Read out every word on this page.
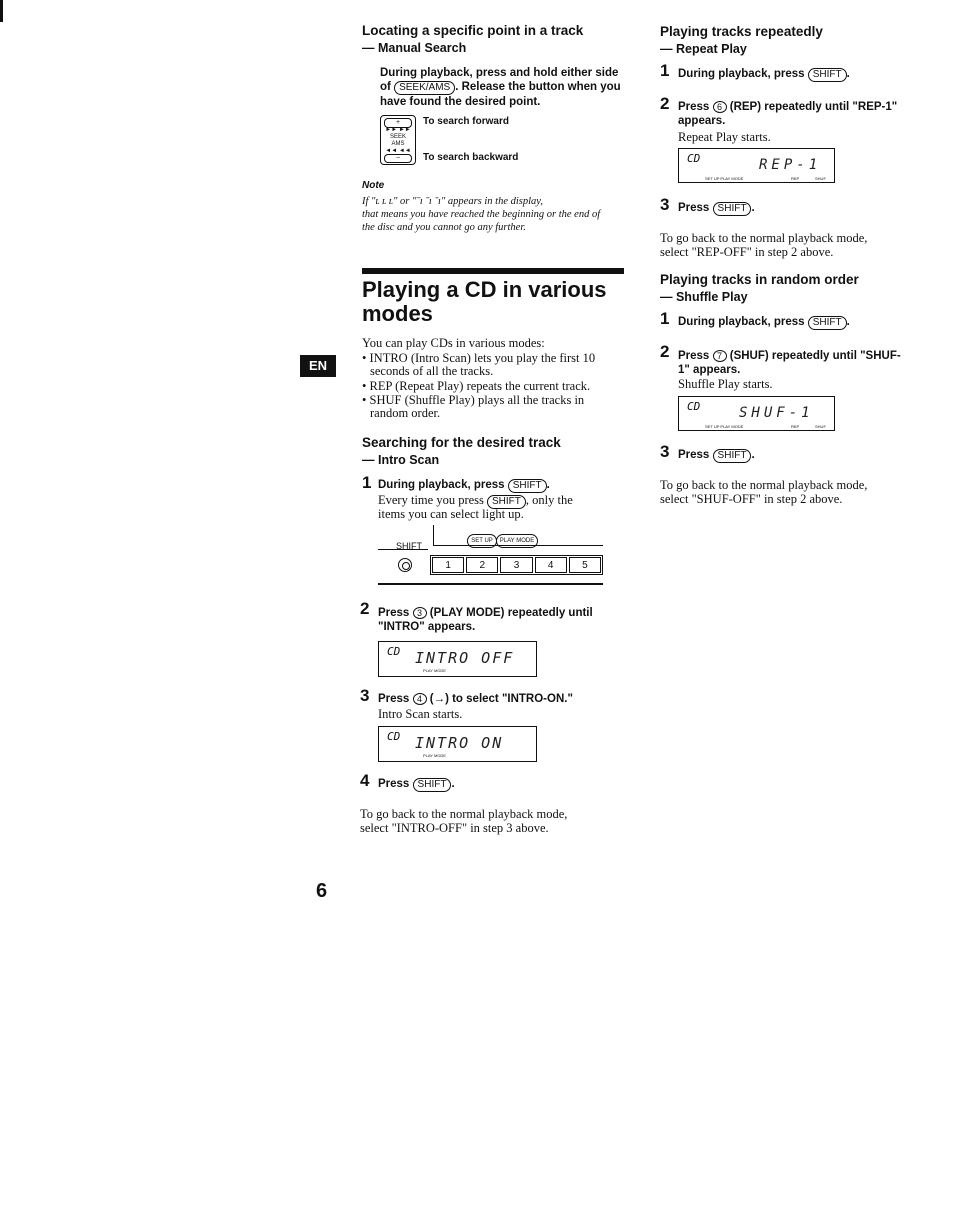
EN
Locating a specific point in a track
— Manual Search
During playback, press and hold either side of SEEK/AMS . Release the button when you have found the desired point.
+
►► ►►
SEEK
AMS
◄◄ ◄◄
−
To search forward
To search backward
Note
If "ʟ ʟ ʟ" or "ˉı ˉı ˉı" appears in the display,
that means you have reached the beginning or the end of
the disc and you cannot go any further.
Playing a CD in various
modes
You can play CDs in various modes:
• INTRO (Intro Scan) lets you play the first 10
seconds of all the tracks.
• REP (Repeat Play) repeats the current track.
• SHUF (Shuffle Play) plays all the tracks in
random order.
Searching for the desired track
— Intro Scan
1 During playback, press SHIFT .
Every time you press SHIFT , only the
items you can select light up.
SET UP	PLAY MODE
SHIFT
1	2	3	4	5
2 Press 3 (PLAY MODE) repeatedly until
"INTRO" appears.
CD INTRO OFF
PLAY MODE
3 Press 4 (→) to select "INTRO-ON."
Intro Scan starts.
CD INTRO ON
PLAY MODE
4 Press SHIFT .
To go back to the normal playback mode,
select "INTRO-OFF" in step 3 above.
Playing tracks repeatedly
— Repeat Play
1 During playback, press SHIFT .
2 Press 6 (REP) repeatedly until "REP-1"
appears.
Repeat Play starts.
CD	REP-1
SET UP PLAY MODE	REP	SHUF
3 Press SHIFT .
To go back to the normal playback mode,
select "REP-OFF" in step 2 above.
Playing tracks in random order
— Shuffle Play
1 During playback, press SHIFT .
2 Press 7 (SHUF) repeatedly until "SHUF-
1" appears.
Shuffle Play starts.
CD	SHUF-1
SET UP PLAY MODE	REP	SHUF
3 Press SHIFT .
To go back to the normal playback mode,
select "SHUF-OFF" in step 2 above.
6
